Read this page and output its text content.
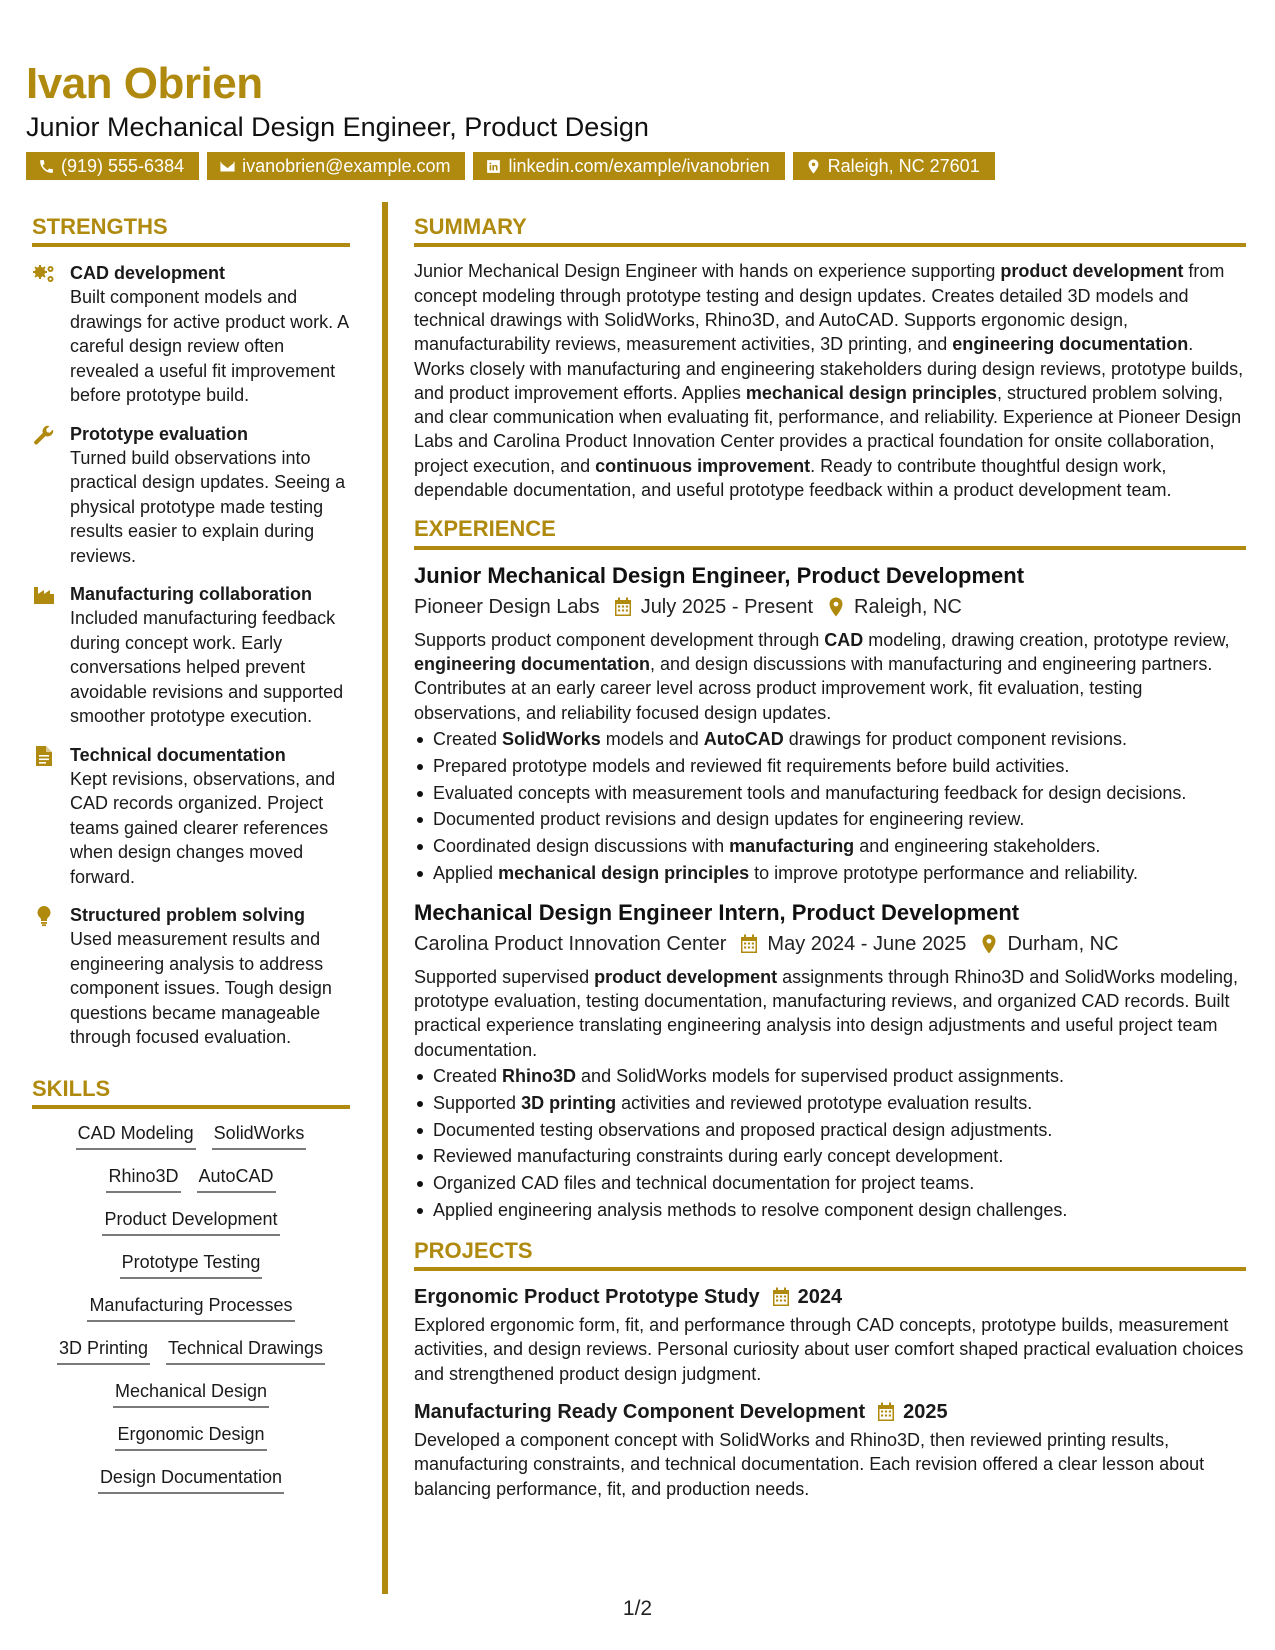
Ivan Obrien
Junior Mechanical Design Engineer, Product Design
(919) 555-6384	ivanobrien@example.com	linkedin.com/example/ivanobrien	Raleigh, NC 27601
STRENGTHS
CAD development
Built component models and drawings for active product work. A careful design review often revealed a useful fit improvement before prototype build.
Prototype evaluation
Turned build observations into practical design updates. Seeing a physical prototype made testing results easier to explain during reviews.
Manufacturing collaboration
Included manufacturing feedback during concept work. Early conversations helped prevent avoidable revisions and supported smoother prototype execution.
Technical documentation
Kept revisions, observations, and CAD records organized. Project teams gained clearer references when design changes moved forward.
Structured problem solving
Used measurement results and engineering analysis to address component issues. Tough design questions became manageable through focused evaluation.
SKILLS
CAD Modeling SolidWorks
Rhino3D AutoCAD
Product Development
Prototype Testing
Manufacturing Processes
3D Printing Technical Drawings
Mechanical Design
Ergonomic Design
Design Documentation
SUMMARY

Junior Mechanical Design Engineer with hands on experience supporting product development from concept modeling through prototype testing and design updates. Creates detailed 3D models and technical drawings with SolidWorks, Rhino3D, and AutoCAD. Supports ergonomic design, manufacturability reviews, measurement activities, 3D printing, and engineering documentation. Works closely with manufacturing and engineering stakeholders during design reviews, prototype builds, and product improvement efforts. Applies mechanical design principles, structured problem solving, and clear communication when evaluating fit, performance, and reliability. Experience at Pioneer Design Labs and Carolina Product Innovation Center provides a practical foundation for onsite collaboration, project execution, and continuous improvement. Ready to contribute thoughtful design work, dependable documentation, and useful prototype feedback within a product development team.

EXPERIENCE
Junior Mechanical Design Engineer, Product Development
Pioneer Design Labs July 2025 - Present Raleigh, NC

Supports product component development through CAD modeling, drawing creation, prototype review, engineering documentation, and design discussions with manufacturing and engineering partners. Contributes at an early career level across product improvement work, fit evaluation, testing observations, and reliability focused design updates.

Created SolidWorks models and AutoCAD drawings for product component revisions.
Prepared prototype models and reviewed fit requirements before build activities.
Evaluated concepts with measurement tools and manufacturing feedback for design decisions.
Documented product revisions and design updates for engineering review.
Coordinated design discussions with manufacturing and engineering stakeholders.
Applied mechanical design principles to improve prototype performance and reliability.
Mechanical Design Engineer Intern, Product Development
Carolina Product Innovation Center May 2024 - June 2025 Durham, NC

Supported supervised product development assignments through Rhino3D and SolidWorks modeling, prototype evaluation, testing documentation, manufacturing reviews, and organized CAD records. Built practical experience translating engineering analysis into design adjustments and useful project team documentation.

Created Rhino3D and SolidWorks models for supervised product assignments.
Supported 3D printing activities and reviewed prototype evaluation results.
Documented testing observations and proposed practical design adjustments.
Reviewed manufacturing constraints during early concept development.
Organized CAD files and technical documentation for project teams.
Applied engineering analysis methods to resolve component design challenges.
PROJECTS
Ergonomic Product Prototype Study 2024

Explored ergonomic form, fit, and performance through CAD concepts, prototype builds, measurement activities, and design reviews. Personal curiosity about user comfort shaped practical evaluation choices and strengthened product design judgment.

Manufacturing Ready Component Development 2025

Developed a component concept with SolidWorks and Rhino3D, then reviewed printing results, manufacturing constraints, and technical documentation. Each revision offered a clear lesson about balancing performance, fit, and production needs.

1/2
